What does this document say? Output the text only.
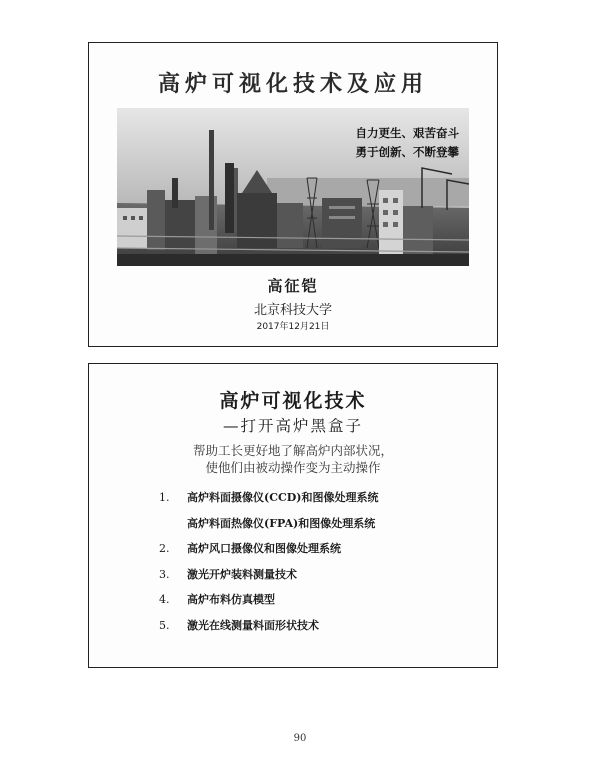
高炉可视化技术及应用
自力更生、艰苦奋斗
勇于创新、不断登攀
高征铠
北京科技大学
2017年12月21日
高炉可视化技术
—打开高炉黑盒子
帮助工长更好地了解高炉内部状况，
使他们由被动操作变为主动操作
1. 高炉料面摄像仪(CCD)和图像处理系统
高炉料面热像仪(FPA)和图像处理系统
2. 高炉风口摄像仪和图像处理系统
3. 激光开炉装料测量技术
4. 高炉布料仿真模型
5. 激光在线测量料面形状技术
90
